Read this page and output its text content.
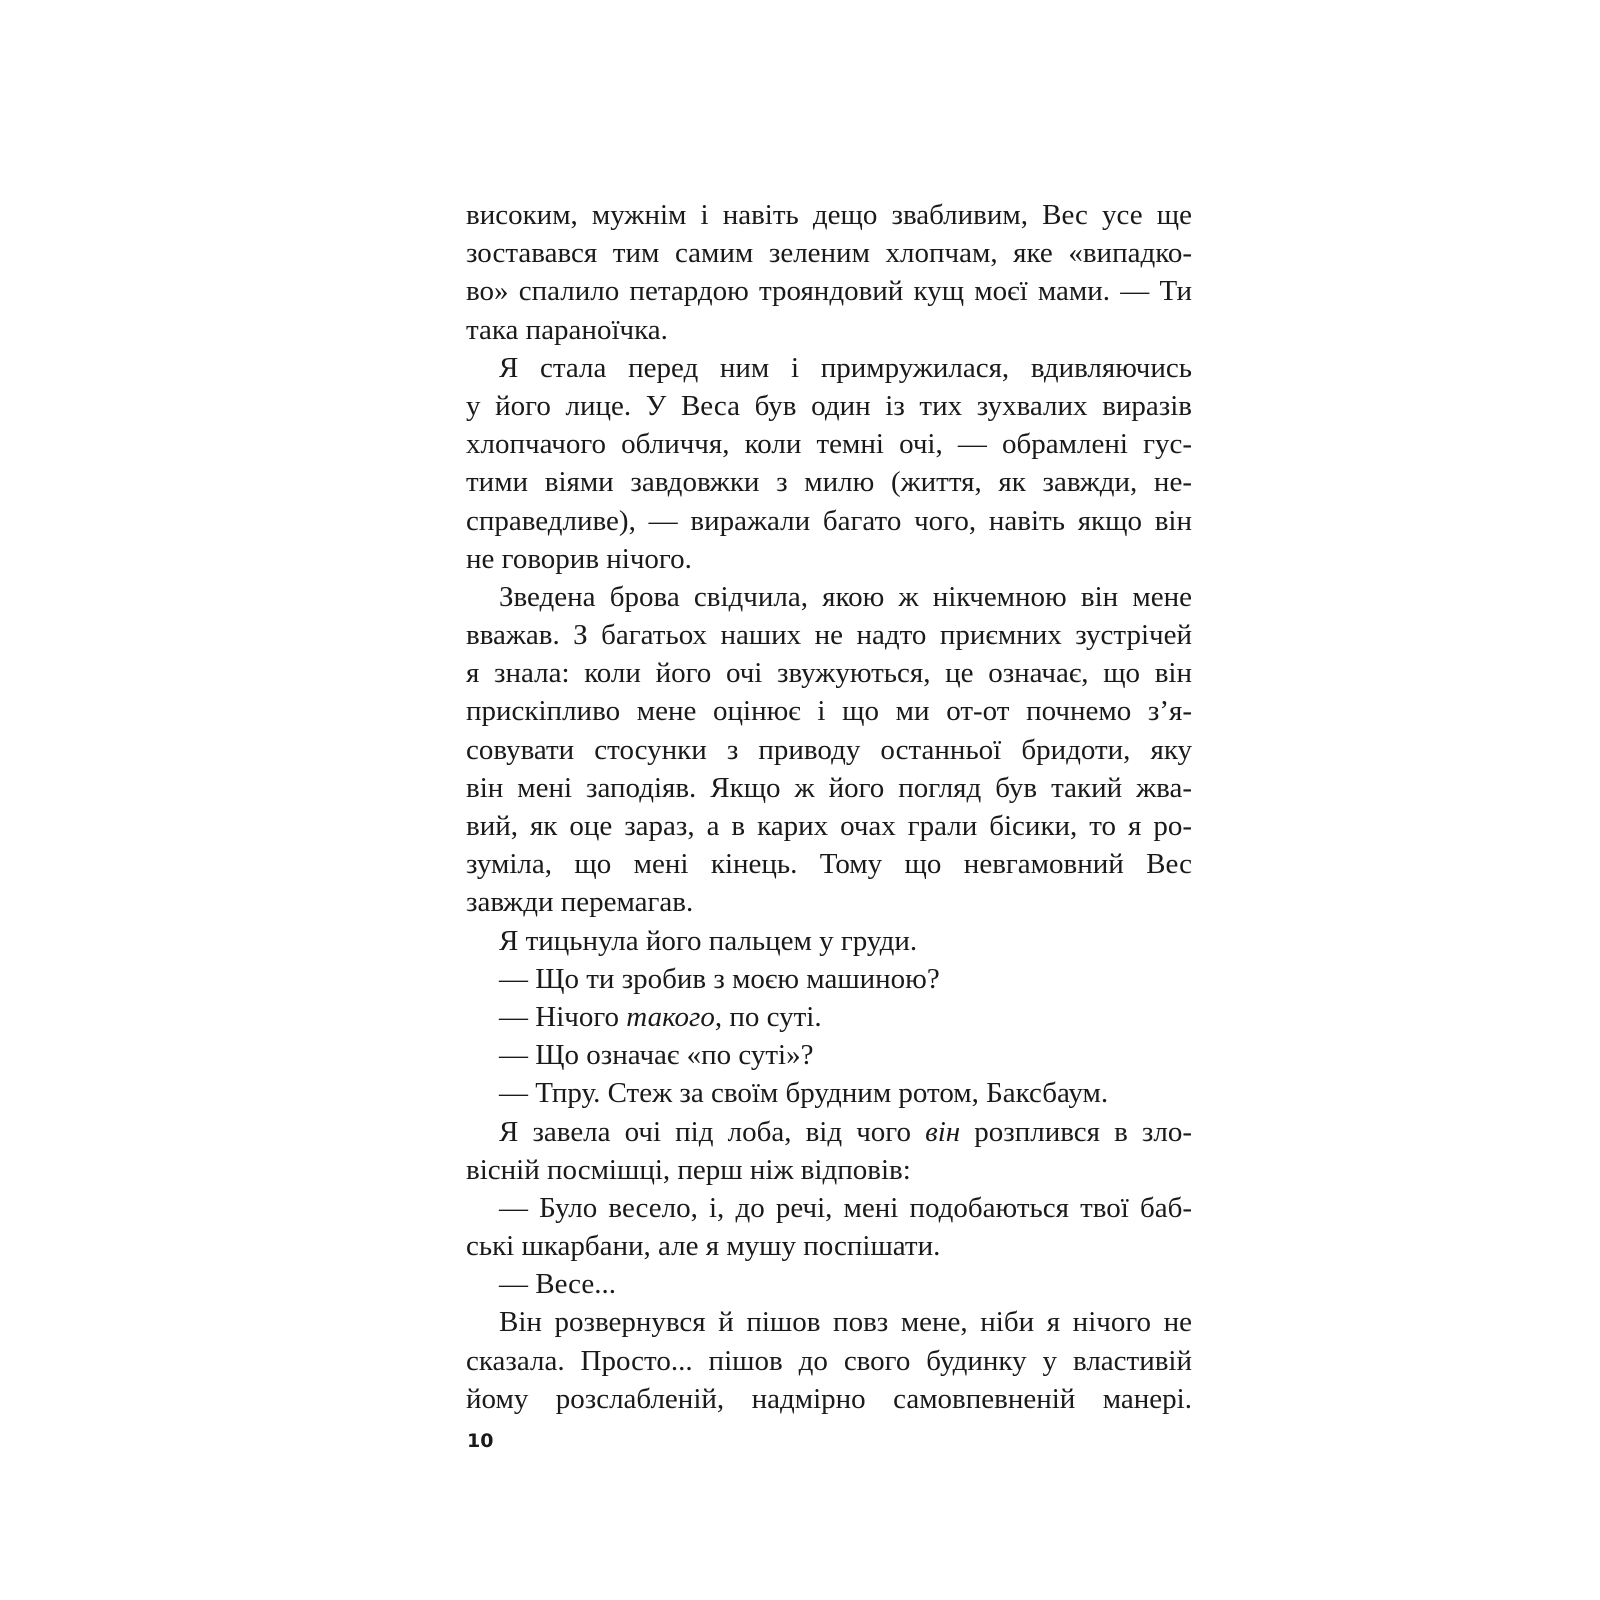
високим, мужнім і навіть дещо звабливим, Вес усе ще
зоставався тим самим зеленим хлопчам, яке «випадко-
во» спалило петардою трояндовий кущ моєї мами. — Ти
така параноїчка.
Я стала перед ним і примружилася, вдивляючись
у його лице. У Веса був один із тих зухвалих виразів
хлопчачого обличчя, коли темні очі, — обрамлені гус-
тими віями завдовжки з милю (життя, як завжди, не-
справедливе), — виражали багато чого, навіть якщо він
не говорив нічого.
Зведена брова свідчила, якою ж нікчемною він мене
вважав. З багатьох наших не надто приємних зустрічей
я знала: коли його очі звужуються, це означає, що він
прискіпливо мене оцінює і що ми от-от почнемо з’я-
совувати стосунки з приводу останньої бридоти, яку
він мені заподіяв. Якщо ж його погляд був такий жва-
вий, як оце зараз, а в карих очах грали бісики, то я ро-
зуміла, що мені кінець. Тому що невгамовний Вес
завжди перемагав.
Я тицьнула його пальцем у груди.
— Що ти зробив з моєю машиною?
— Нічого такого, по суті.
— Що означає «по суті»?
— Тпру. Стеж за своїм брудним ротом, Баксбаум.
Я завела очі під лоба, від чого він розплився в зло-
вісній посмішці, перш ніж відповів:
— Було весело, і, до речі, мені подобаються твої баб-
ські шкарбани, але я мушу поспішати.
— Весе...
Він розвернувся й пішов повз мене, ніби я нічого не
сказала. Просто... пішов до свого будинку у властивій
йому розслабленій, надмірно самовпевненій манері.
10
